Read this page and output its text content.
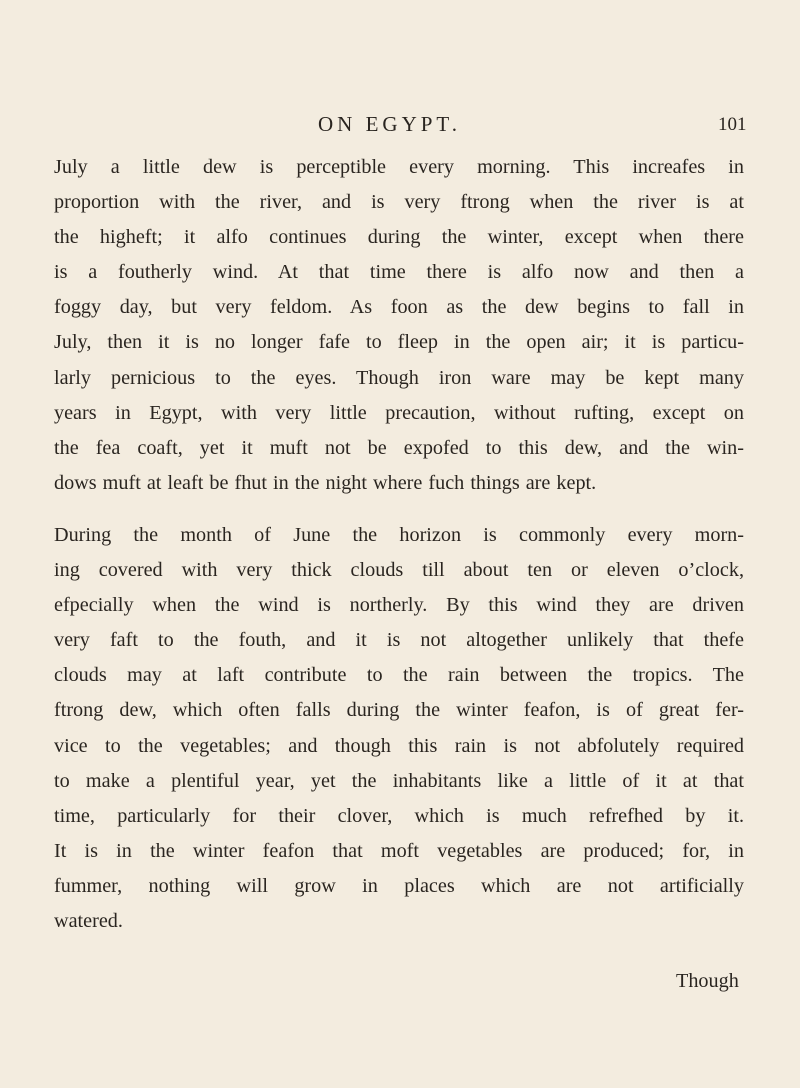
ON EGYPT.	101
July a little dew is perceptible every morning. This increafes in
proportion with the river, and is very ftrong when the river is at
the higheft; it alfo continues during the winter, except when there
is a foutherly wind. At that time there is alfo now and then a
foggy day, but very feldom. As foon as the dew begins to fall in
July, then it is no longer fafe to fleep in the open air; it is particu-
larly pernicious to the eyes. Though iron ware may be kept many
years in Egypt, with very little precaution, without rufting, except on
the fea coaft, yet it muft not be expofed to this dew, and the win-
dows muft at leaft be fhut in the night where fuch things are kept.
During the month of June the horizon is commonly every morn-
ing covered with very thick clouds till about ten or eleven o’clock,
efpecially when the wind is northerly. By this wind they are driven
very faft to the fouth, and it is not altogether unlikely that thefe
clouds may at laft contribute to the rain between the tropics. The
ftrong dew, which often falls during the winter feafon, is of great fer-
vice to the vegetables; and though this rain is not abfolutely required
to make a plentiful year, yet the inhabitants like a little of it at that
time, particularly for their clover, which is much refrefhed by it.
It is in the winter feafon that moft vegetables are produced; for, in
fummer, nothing will grow in places which are not artificially
watered.
Though
